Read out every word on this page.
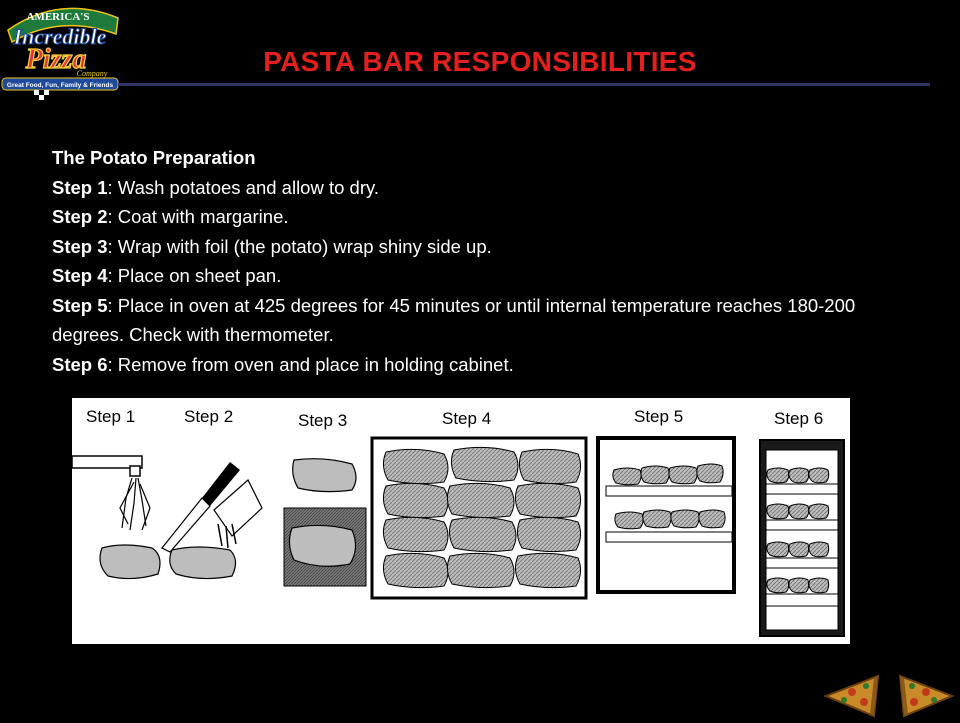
AMERICA'S
Incredible
Pizza
Company
Great Food, Fun, Family & Friends
PASTA BAR RESPONSIBILITIES
The Potato Preparation
Step 1: Wash potatoes and allow to dry.
Step 2: Coat with margarine.
Step 3: Wrap with foil (the potato) wrap shiny side up.
Step 4: Place on sheet pan.
Step 5: Place in oven at 425 degrees for 45 minutes or until internal temperature reaches 180-200 degrees. Check with thermometer.
Step 6: Remove from oven and place in holding cabinet.
Step 1	Step 2	Step 3	Step 4	Step 5	Step 6
